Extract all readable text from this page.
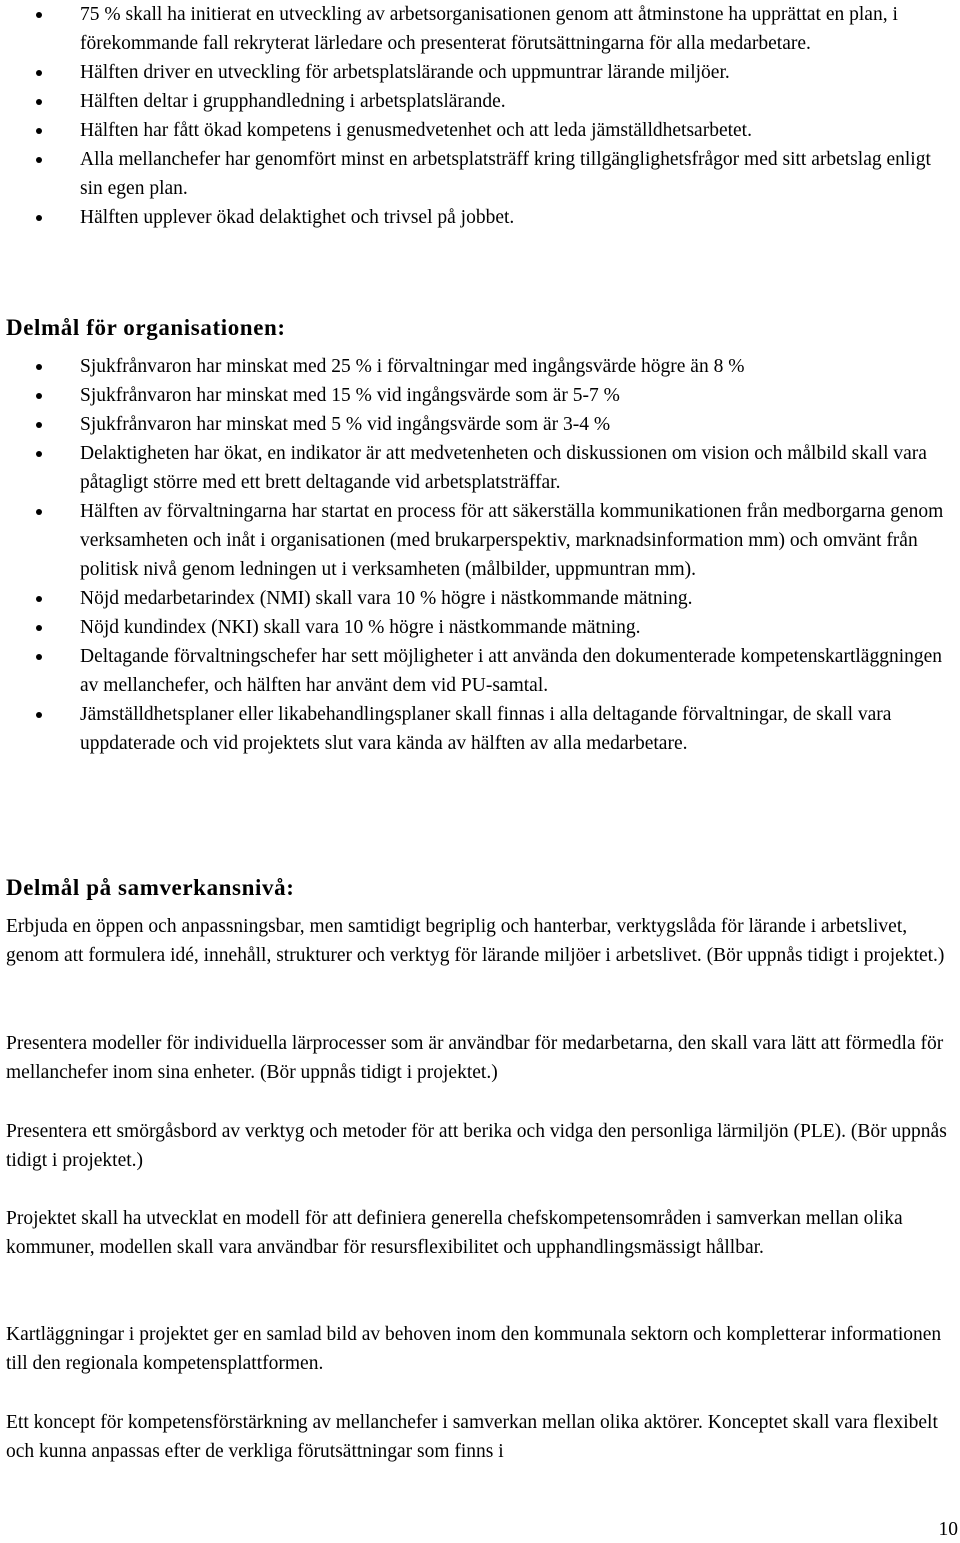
75 % skall ha initierat en utveckling av arbetsorganisationen genom att åtminstone ha upprättat en plan, i förekommande fall rekryterat lärledare och presenterat förutsättningarna för alla medarbetare.
Hälften driver en utveckling för arbetsplatslärande och uppmuntrar lärande miljöer.
Hälften deltar i grupphandledning i arbetsplatslärande.
Hälften har fått ökad kompetens i genusmedvetenhet och att leda jämställdhetsarbetet.
Alla mellanchefer har genomfört minst en arbetsplatsträff kring tillgänglighetsfrågor med sitt arbetslag enligt sin egen plan.
Hälften upplever ökad delaktighet och trivsel på jobbet.
Delmål för organisationen:
Sjukfrånvaron har minskat med 25 % i förvaltningar med ingångsvärde högre än 8 %
Sjukfrånvaron har minskat med 15 % vid ingångsvärde som är 5-7 %
Sjukfrånvaron har minskat med 5 % vid ingångsvärde som är 3-4 %
Delaktigheten har ökat, en indikator är att medvetenheten och diskussionen om vision och målbild skall vara påtagligt större med ett brett deltagande vid arbetsplatsträffar.
Hälften av förvaltningarna har startat en process för att säkerställa kommunikationen från medborgarna genom verksamheten och inåt i organisationen (med brukarperspektiv, marknadsinformation mm) och omvänt från politisk nivå genom ledningen ut i verksamheten (målbilder, uppmuntran mm).
Nöjd medarbetarindex (NMI) skall vara 10 % högre i nästkommande mätning.
Nöjd kundindex (NKI) skall vara 10 % högre i nästkommande mätning.
Deltagande förvaltningschefer har sett möjligheter i att använda den dokumenterade kompetenskartläggningen av mellanchefer, och hälften har använt dem vid PU-samtal.
Jämställdhetsplaner eller likabehandlingsplaner skall finnas i alla deltagande förvaltningar, de skall vara uppdaterade och vid projektets slut vara kända av hälften av alla medarbetare.
Delmål på samverkansnivå:

Erbjuda en öppen och anpassningsbar, men samtidigt begriplig och hanterbar, verktygslåda för lärande i arbetslivet, genom att formulera idé, innehåll, strukturer och verktyg för lärande miljöer i arbetslivet. (Bör uppnås tidigt i projektet.)

Presentera modeller för individuella lärprocesser som är användbar för medarbetarna, den skall vara lätt att förmedla för mellanchefer inom sina enheter. (Bör uppnås tidigt i projektet.)

Presentera ett smörgåsbord av verktyg och metoder för att berika och vidga den personliga lärmiljön (PLE). (Bör uppnås tidigt i projektet.)

Projektet skall ha utvecklat en modell för att definiera generella chefskompetensområden i samverkan mellan olika kommuner, modellen skall vara användbar för resursflexibilitet och upphandlingsmässigt hållbar.

Kartläggningar i projektet ger en samlad bild av behoven inom den kommunala sektorn och kompletterar informationen till den regionala kompetensplattformen.

Ett koncept för kompetensförstärkning av mellanchefer i samverkan mellan olika aktörer. Konceptet skall vara flexibelt och kunna anpassas efter de verkliga förutsättningar som finns i

10
